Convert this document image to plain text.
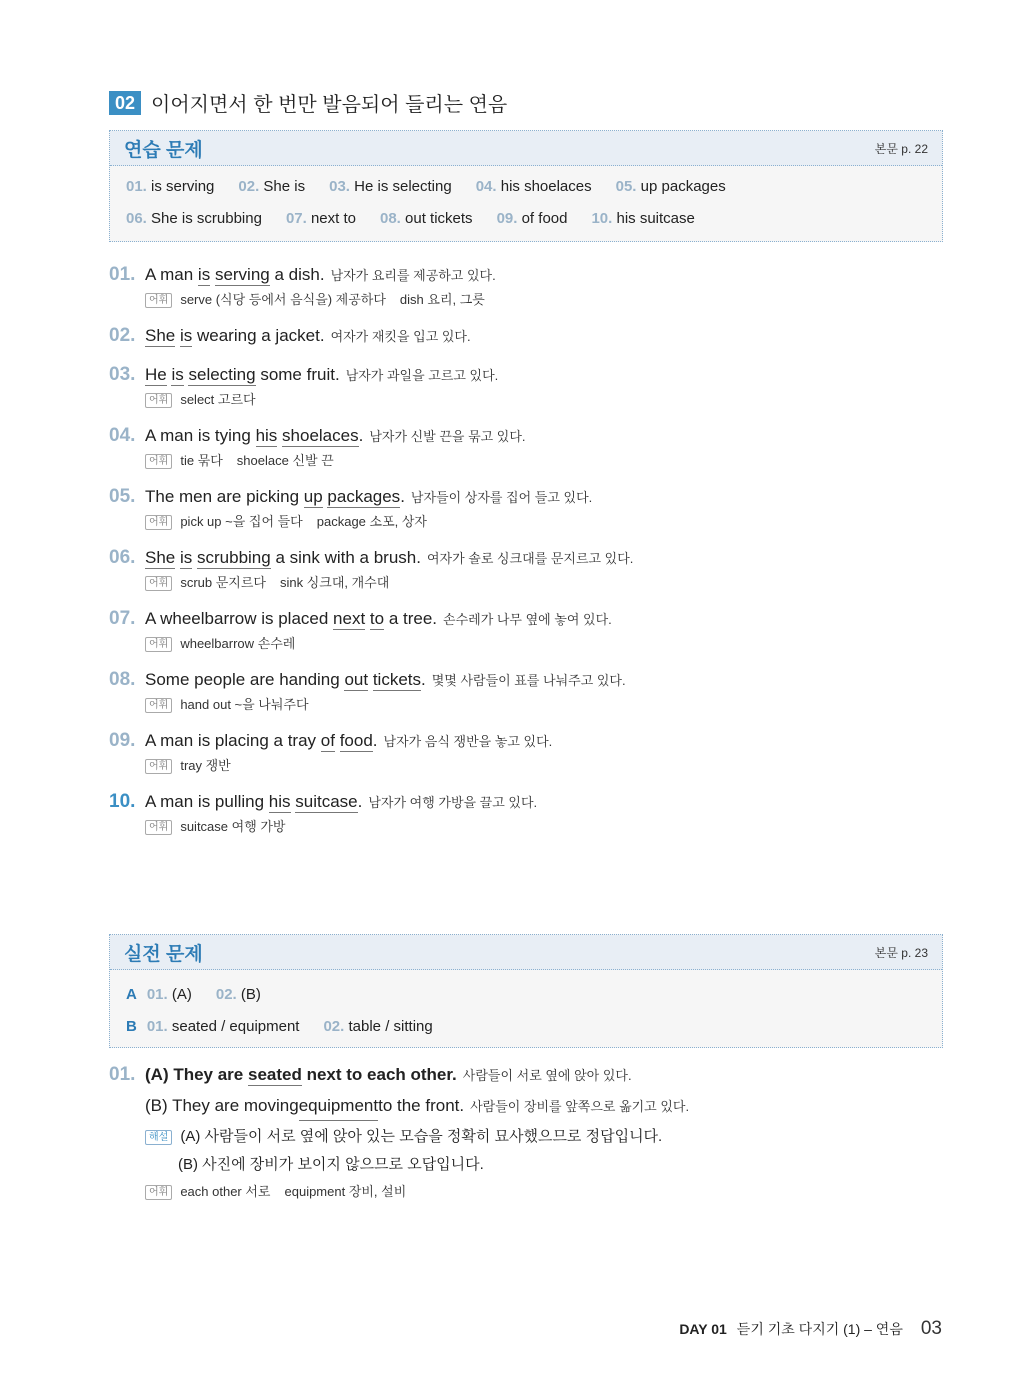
02 이어지면서 한 번만 발음되어 들리는 연음
연습 문제	본문 p. 22
01. is serving 02. She is 03. He is selecting 04. his shoelaces 05. up packages
06. She is scrubbing 07. next to 08. out tickets 09. of food 10. his suitcase
01. A man is serving a dish. 남자가 요리를 제공하고 있다.
어휘 serve (식당 등에서 음식을) 제공하다 dish 요리, 그릇
02. She is wearing a jacket. 여자가 재킷을 입고 있다.
03. He is selecting some fruit. 남자가 과일을 고르고 있다.
어휘 select 고르다
04. A man is tying his shoelaces. 남자가 신발 끈을 묶고 있다.
어휘 tie 묶다 shoelace 신발 끈
05. The men are picking up packages. 남자들이 상자를 집어 들고 있다.
어휘 pick up ~을 집어 들다 package 소포, 상자
06. She is scrubbing a sink with a brush. 여자가 솔로 싱크대를 문지르고 있다.
어휘 scrub 문지르다 sink 싱크대, 개수대
07. A wheelbarrow is placed next to a tree. 손수레가 나무 옆에 놓여 있다.
어휘 wheelbarrow 손수레
08. Some people are handing out tickets. 몇몇 사람들이 표를 나눠주고 있다.
어휘 hand out ~을 나눠주다
09. A man is placing a tray of food. 남자가 음식 쟁반을 놓고 있다.
어휘 tray 쟁반
10. A man is pulling his suitcase. 남자가 여행 가방을 끌고 있다.
어휘 suitcase 여행 가방
실전 문제	본문 p. 23
A 01. (A) 02. (B)
B 01. seated / equipment 02. table / sitting
01. (A) They are seated next to each other. 사람들이 서로 옆에 앉아 있다.
(B) They are moving equipment to the front. 사람들이 장비를 앞쪽으로 옮기고 있다.
해설 (A) 사람들이 서로 옆에 앉아 있는 모습을 정확히 묘사했으므로 정답입니다.
(B) 사진에 장비가 보이지 않으므로 오답입니다.
어휘 each other 서로 equipment 장비, 설비
DAY 01 듣기 기초 다지기 (1) – 연음 03
